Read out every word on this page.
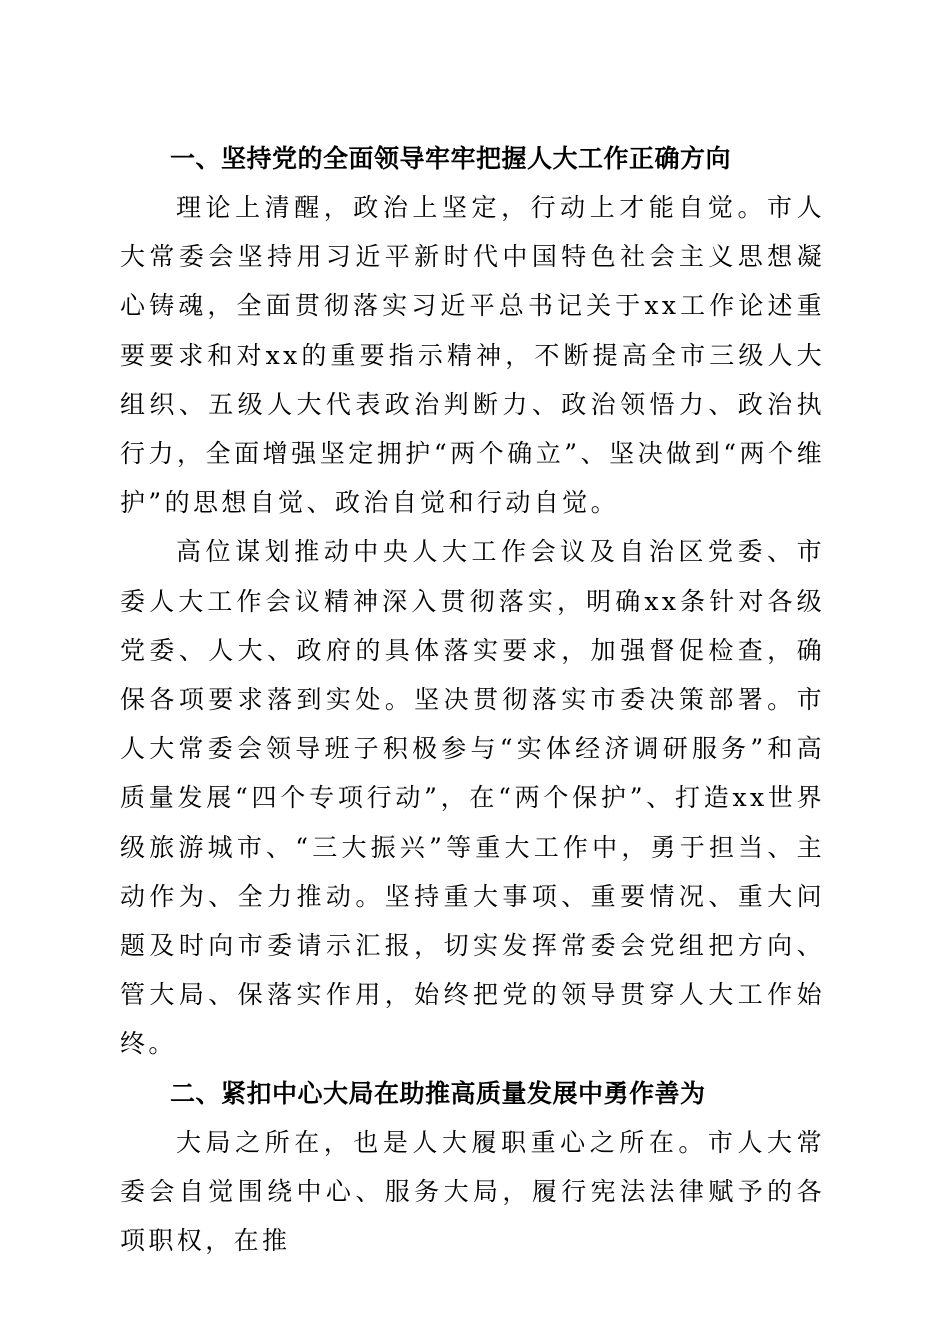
一、坚持党的全面领导牢牢把握人大工作正确方向

理论上清醒，政治上坚定，行动上才能自觉。市人大常委会坚持用习近平新时代中国特色社会主义思想凝心铸魂，全面贯彻落实习近平总书记关于xx工作论述重要要求和对xx的重要指示精神，不断提高全市三级人大组织、五级人大代表政治判断力、政治领悟力、政治执行力，全面增强坚定拥护“两个确立”、坚决做到“两个维护”的思想自觉、政治自觉和行动自觉。

高位谋划推动中央人大工作会议及自治区党委、市委人大工作会议精神深入贯彻落实，明确xx条针对各级党委、人大、政府的具体落实要求，加强督促检查，确保各项要求落到实处。坚决贯彻落实市委决策部署。市人大常委会领导班子积极参与“实体经济调研服务”和高质量发展“四个专项行动”，在“两个保护”、打造xx世界级旅游城市、“三大振兴”等重大工作中，勇于担当、主动作为、全力推动。坚持重大事项、重要情况、重大问题及时向市委请示汇报，切实发挥常委会党组把方向、管大局、保落实作用，始终把党的领导贯穿人大工作始终。

二、紧扣中心大局在助推高质量发展中勇作善为

大局之所在，也是人大履职重心之所在。市人大常委会自觉围绕中心、服务大局，履行宪法法律赋予的各项职权，在推
